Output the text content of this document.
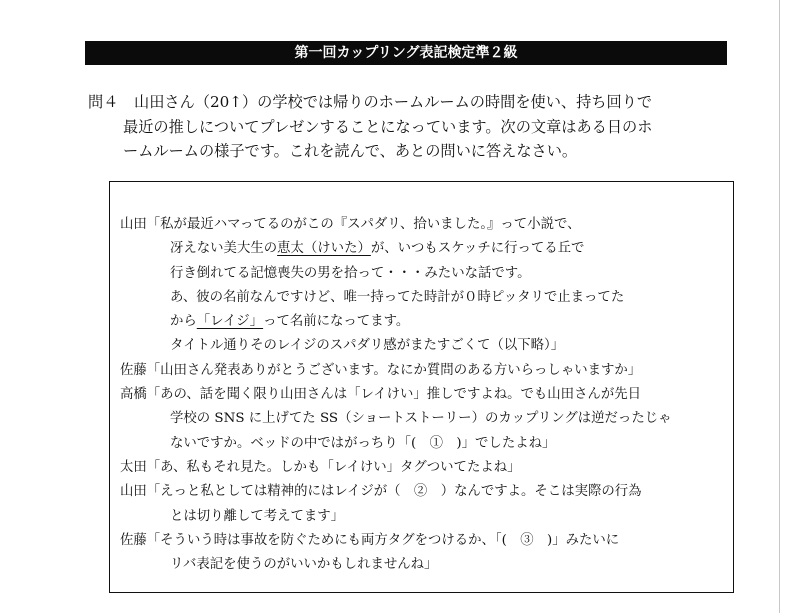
第一回カップリング表記検定準２級
問４ 山田さん（20↑）の学校では帰りのホームルームの時間を使い、持ち回りで
最近の推しについてプレゼンすることになっています。次の文章はある日のホ
ームルームの様子です。これを読んで、あとの問いに答えなさい。
山田「私が最近ハマってるのがこの『スパダリ、拾いました。』って小説で、
冴えない美大生の恵太（けいた）が、いつもスケッチに行ってる丘で
行き倒れてる記憶喪失の男を拾って・・・みたいな話です。
あ、彼の名前なんですけど、唯一持ってた時計が０時ピッタリで止まってた
から「レイジ」って名前になってます。
タイトル通りそのレイジのスパダリ感がまたすごくて（以下略）」
佐藤「山田さん発表ありがとうございます。なにか質問のある方いらっしゃいますか」
高橋「あの、話を聞く限り山田さんは「レイけい」推しですよね。でも山田さんが先日
学校の SNS に上げてた SS（ショートストーリー）のカップリングは逆だったじゃ
ないですか。ベッドの中ではがっちり「(　①　)」でしたよね」
太田「あ、私もそれ見た。しかも「レイけい」タグついてたよね」
山田「えっと私としては精神的にはレイジが（　②　）なんですよ。そこは実際の行為
とは切り離して考えてます」
佐藤「そういう時は事故を防ぐためにも両方タグをつけるか、「(　③　)」みたいに
リバ表記を使うのがいいかもしれませんね」
